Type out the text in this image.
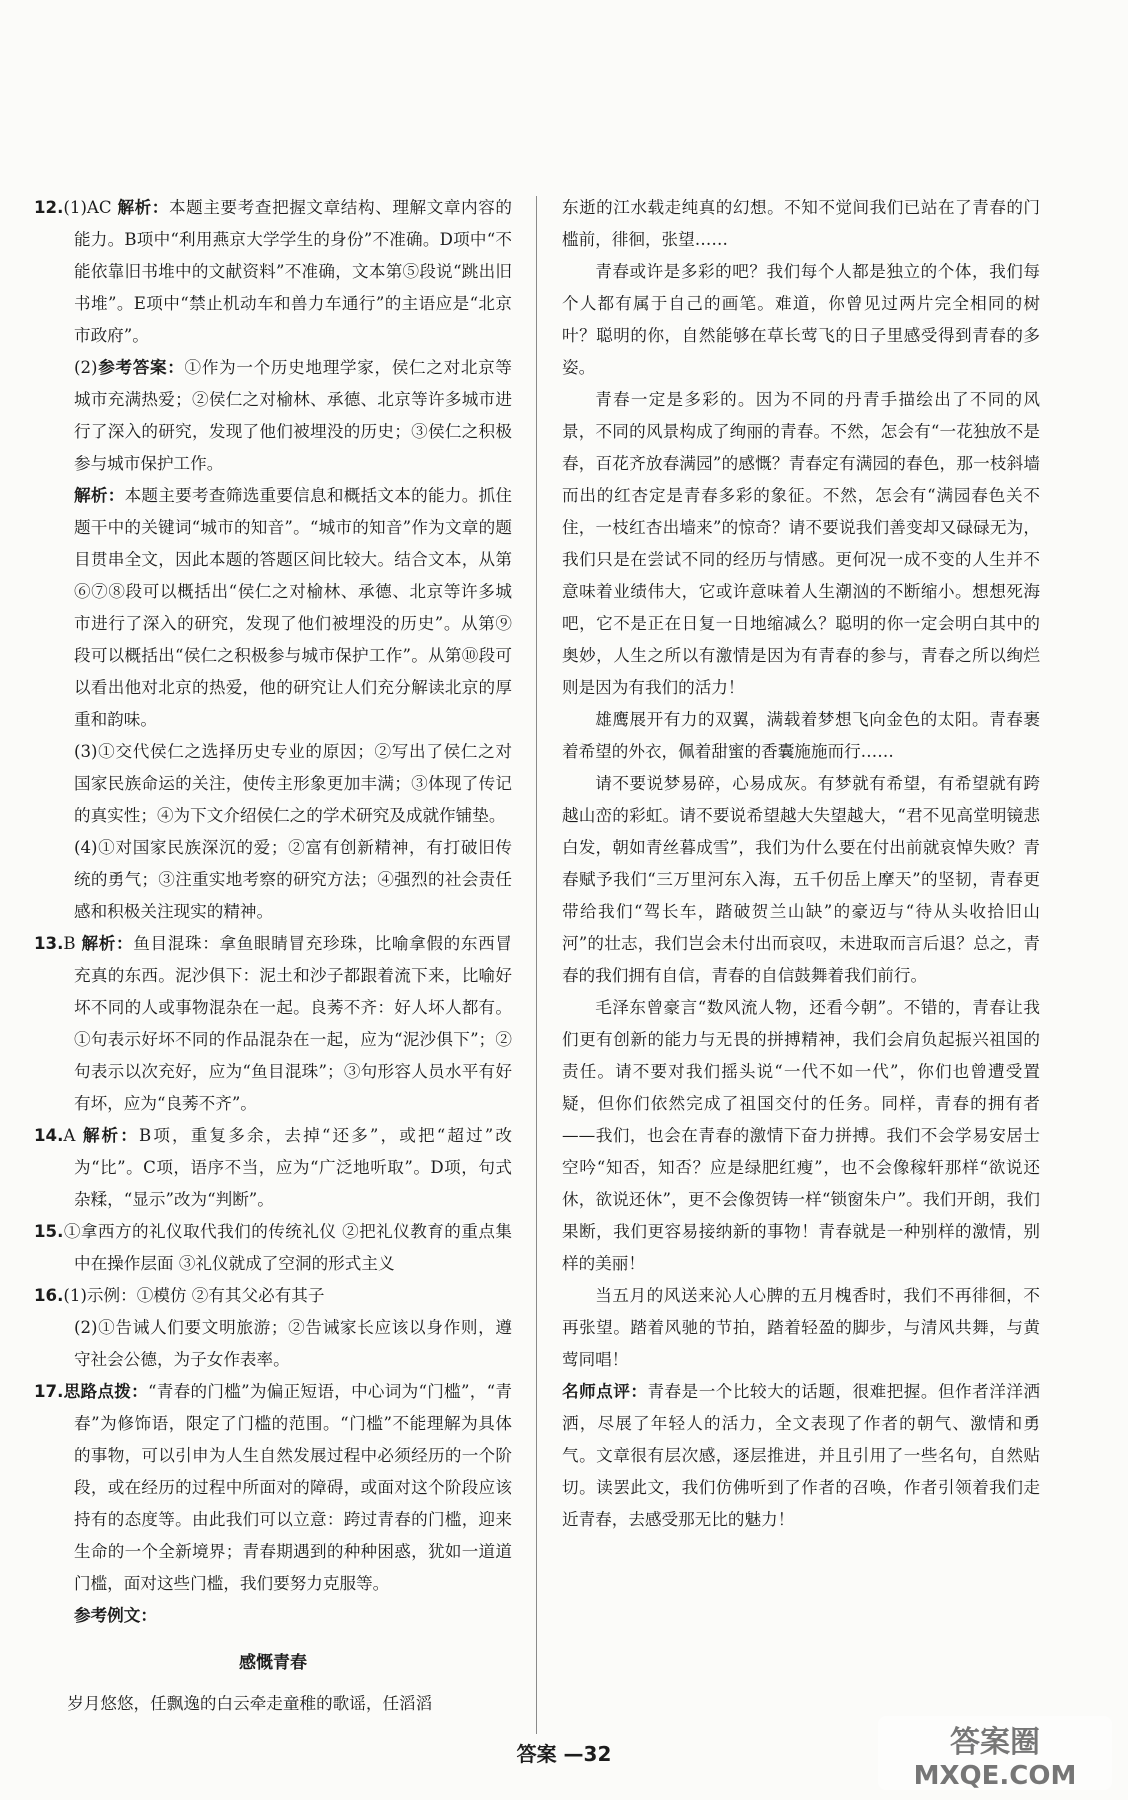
12.(1)AC 解析：本题主要考查把握文章结构、理解文章内容的能力。B项中“利用燕京大学学生的身份”不准确。D项中“不能依靠旧书堆中的文献资料”不准确，文本第⑤段说“跳出旧书堆”。E项中“禁止机动车和兽力车通行”的主语应是“北京市政府”。

(2)参考答案：①作为一个历史地理学家，侯仁之对北京等城市充满热爱；②侯仁之对榆林、承德、北京等许多城市进行了深入的研究，发现了他们被埋没的历史；③侯仁之积极参与城市保护工作。

解析：本题主要考查筛选重要信息和概括文本的能力。抓住题干中的关键词“城市的知音”。“城市的知音”作为文章的题目贯串全文，因此本题的答题区间比较大。结合文本，从第⑥⑦⑧段可以概括出“侯仁之对榆林、承德、北京等许多城市进行了深入的研究，发现了他们被埋没的历史”。从第⑨段可以概括出“侯仁之积极参与城市保护工作”。从第⑩段可以看出他对北京的热爱，他的研究让人们充分解读北京的厚重和韵味。

(3)①交代侯仁之选择历史专业的原因；②写出了侯仁之对国家民族命运的关注，使传主形象更加丰满；③体现了传记的真实性；④为下文介绍侯仁之的学术研究及成就作铺垫。

(4)①对国家民族深沉的爱；②富有创新精神，有打破旧传统的勇气；③注重实地考察的研究方法；④强烈的社会责任感和积极关注现实的精神。

13.B 解析：鱼目混珠：拿鱼眼睛冒充珍珠，比喻拿假的东西冒充真的东西。泥沙俱下：泥土和沙子都跟着流下来，比喻好坏不同的人或事物混杂在一起。良莠不齐：好人坏人都有。①句表示好坏不同的作品混杂在一起，应为“泥沙俱下”；②句表示以次充好，应为“鱼目混珠”；③句形容人员水平有好有坏，应为“良莠不齐”。

14.A 解析：B项，重复多余，去掉“还多”，或把“超过”改为“比”。C项，语序不当，应为“广泛地听取”。D项，句式杂糅，“显示”改为“判断”。

15.①拿西方的礼仪取代我们的传统礼仪 ②把礼仪教育的重点集中在操作层面 ③礼仪就成了空洞的形式主义

16.(1)示例：①模仿 ②有其父必有其子

(2)①告诫人们要文明旅游；②告诫家长应该以身作则，遵守社会公德，为子女作表率。

17.思路点拨：“青春的门槛”为偏正短语，中心词为“门槛”，“青春”为修饰语，限定了门槛的范围。“门槛”不能理解为具体的事物，可以引申为人生自然发展过程中必须经历的一个阶段，或在经历的过程中所面对的障碍，或面对这个阶段应该持有的态度等。由此我们可以立意：跨过青春的门槛，迎来生命的一个全新境界；青春期遇到的种种困惑，犹如一道道门槛，面对这些门槛，我们要努力克服等。

参考例文：

感慨青春

岁月悠悠，任飘逸的白云牵走童稚的歌谣，任滔滔

东逝的江水载走纯真的幻想。不知不觉间我们已站在了青春的门槛前，徘徊，张望……

青春或许是多彩的吧？我们每个人都是独立的个体，我们每个人都有属于自己的画笔。难道，你曾见过两片完全相同的树叶？聪明的你，自然能够在草长莺飞的日子里感受得到青春的多姿。

青春一定是多彩的。因为不同的丹青手描绘出了不同的风景，不同的风景构成了绚丽的青春。不然，怎会有“一花独放不是春，百花齐放春满园”的感慨？青春定有满园的春色，那一枝斜墙而出的红杏定是青春多彩的象征。不然，怎会有“满园春色关不住，一枝红杏出墙来”的惊奇？请不要说我们善变却又碌碌无为，我们只是在尝试不同的经历与情感。更何况一成不变的人生并不意味着业绩伟大，它或许意味着人生潮汹的不断缩小。想想死海吧，它不是正在日复一日地缩减么？聪明的你一定会明白其中的奥妙，人生之所以有激情是因为有青春的参与，青春之所以绚烂则是因为有我们的活力！

雄鹰展开有力的双翼，满载着梦想飞向金色的太阳。青春裹着希望的外衣，佩着甜蜜的香囊施施而行……

请不要说梦易碎，心易成灰。有梦就有希望，有希望就有跨越山峦的彩虹。请不要说希望越大失望越大，“君不见高堂明镜悲白发，朝如青丝暮成雪”，我们为什么要在付出前就哀悼失败？青春赋予我们“三万里河东入海，五千仞岳上摩天”的坚韧，青春更带给我们“驾长车，踏破贺兰山缺”的豪迈与“待从头收拾旧山河”的壮志，我们岂会未付出而哀叹，未进取而言后退？总之，青春的我们拥有自信，青春的自信鼓舞着我们前行。

毛泽东曾豪言“数风流人物，还看今朝”。不错的，青春让我们更有创新的能力与无畏的拼搏精神，我们会肩负起振兴祖国的责任。请不要对我们摇头说“一代不如一代”，你们也曾遭受置疑，但你们依然完成了祖国交付的任务。同样，青春的拥有者——我们，也会在青春的激情下奋力拼搏。我们不会学易安居士空吟“知否，知否？应是绿肥红瘦”，也不会像稼轩那样“欲说还休，欲说还休”，更不会像贺铸一样“锁窗朱户”。我们开朗，我们果断，我们更容易接纳新的事物！青春就是一种别样的激情，别样的美丽！

当五月的风送来沁人心脾的五月槐香时，我们不再徘徊，不再张望。踏着风驰的节拍，踏着轻盈的脚步，与清风共舞，与黄莺同唱！

名师点评：青春是一个比较大的话题，很难把握。但作者洋洋洒洒，尽展了年轻人的活力，全文表现了作者的朝气、激情和勇气。文章很有层次感，逐层推进，并且引用了一些名句，自然贴切。读罢此文，我们仿佛听到了作者的召唤，作者引领着我们走近青春，去感受那无比的魅力！

答案 —32	答案圈
MXQE.COM
